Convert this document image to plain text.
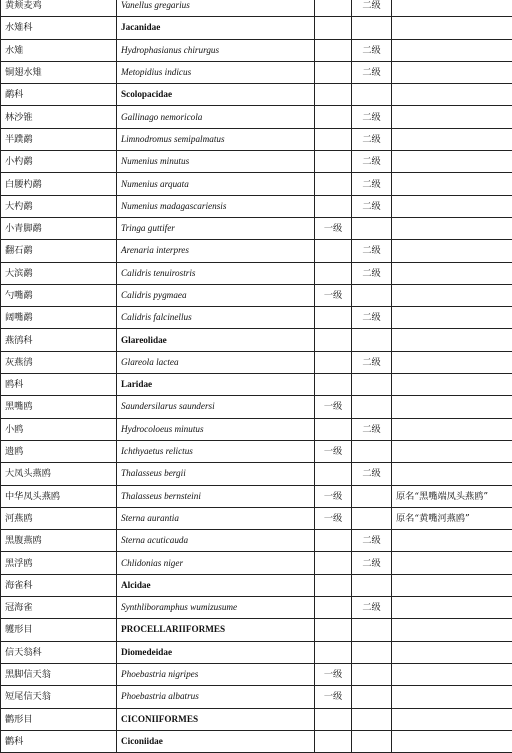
黄颊麦鸡	Vanellus gregarius		二级	
水雉科	Jacanidae			
水雉	Hydrophasianus chirurgus		二级	
铜翅水雉	Metopidius indicus		二级	
鹬科	Scolopacidae			
林沙锥	Gallinago nemoricola		二级	
半蹼鹬	Limnodromus semipalmatus		二级	
小杓鹬	Numenius minutus		二级	
白腰杓鹬	Numenius arquata		二级	
大杓鹬	Numenius madagascariensis		二级	
小青脚鹬	Tringa guttifer	一级		
翻石鹬	Arenaria interpres		二级	
大滨鹬	Calidris tenuirostris		二级	
勺嘴鹬	Calidris pygmaea	一级		
阔嘴鹬	Calidris falcinellus		二级	
燕鸻科	Glareolidae			
灰燕鸻	Glareola lactea		二级	
鸥科	Laridae			
黑嘴鸥	Saundersilarus saundersi	一级		
小鸥	Hydrocoloeus minutus		二级	
遗鸥	Ichthyaetus relictus	一级		
大凤头燕鸥	Thalasseus bergii		二级	
中华凤头燕鸥	Thalasseus bernsteini	一级		原名“黑嘴端凤头燕鸥”
河燕鸥	Sterna aurantia	一级		原名“黄嘴河燕鸥”
黑腹燕鸥	Sterna acuticauda		二级	
黑浮鸥	Chlidonias niger		二级	
海雀科	Alcidae			
冠海雀	Synthliboramphus wumizusume		二级	
鹱形目	PROCELLARIIFORMES			
信天翁科	Diomedeidae			
黑脚信天翁	Phoebastria nigripes	一级		
短尾信天翁	Phoebastria albatrus	一级		
鹳形目	CICONIIFORMES			
鹳科	Ciconiidae			
